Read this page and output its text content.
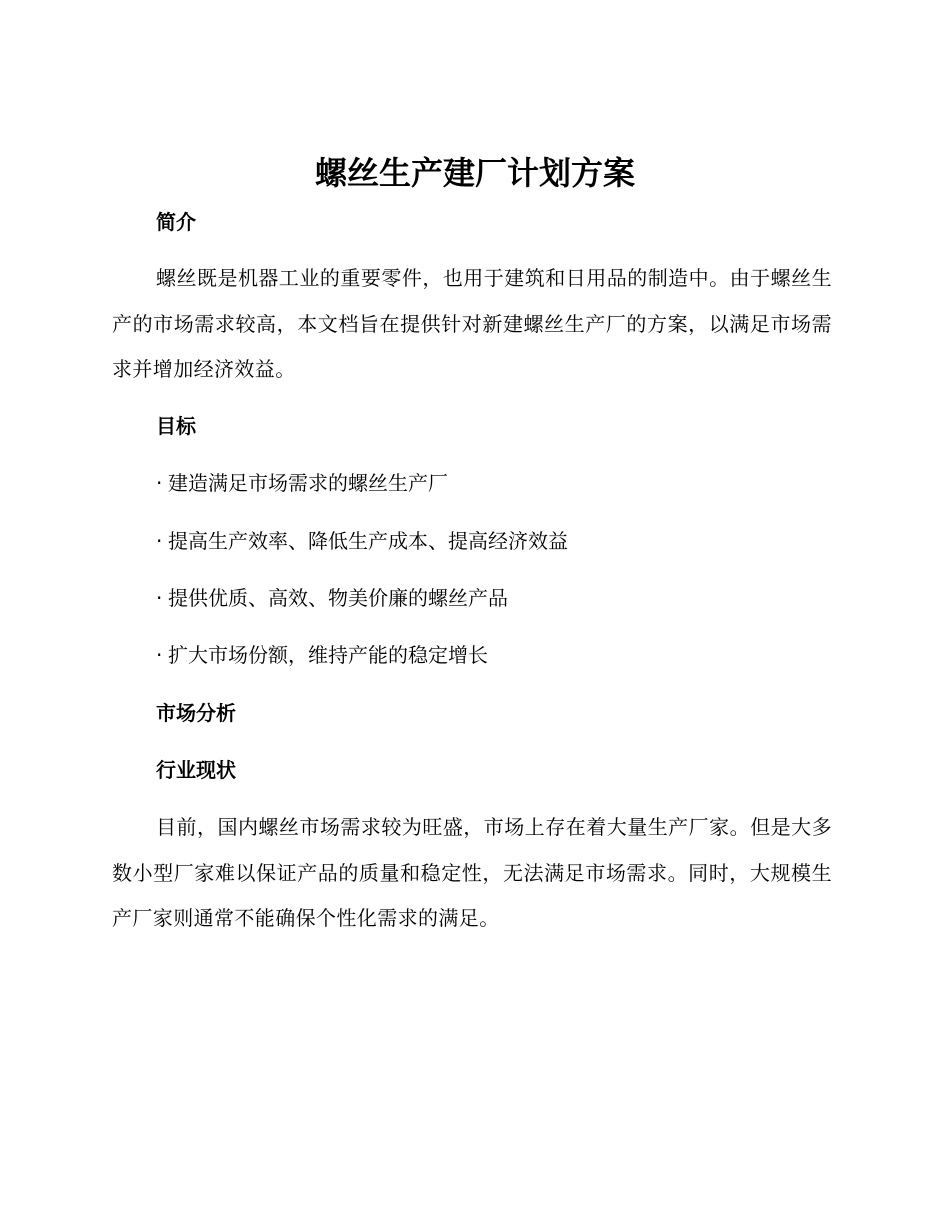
螺丝生产建厂计划方案
简介
螺丝既是机器工业的重要零件，也用于建筑和日用品的制造中。由于螺丝生产的市场需求较高，本文档旨在提供针对新建螺丝生产厂的方案，以满足市场需求并增加经济效益。
目标
· 建造满足市场需求的螺丝生产厂
· 提高生产效率、降低生产成本、提高经济效益
· 提供优质、高效、物美价廉的螺丝产品
· 扩大市场份额，维持产能的稳定增长
市场分析
行业现状
目前，国内螺丝市场需求较为旺盛，市场上存在着大量生产厂家。但是大多数小型厂家难以保证产品的质量和稳定性，无法满足市场需求。同时，大规模生产厂家则通常不能确保个性化需求的满足。
